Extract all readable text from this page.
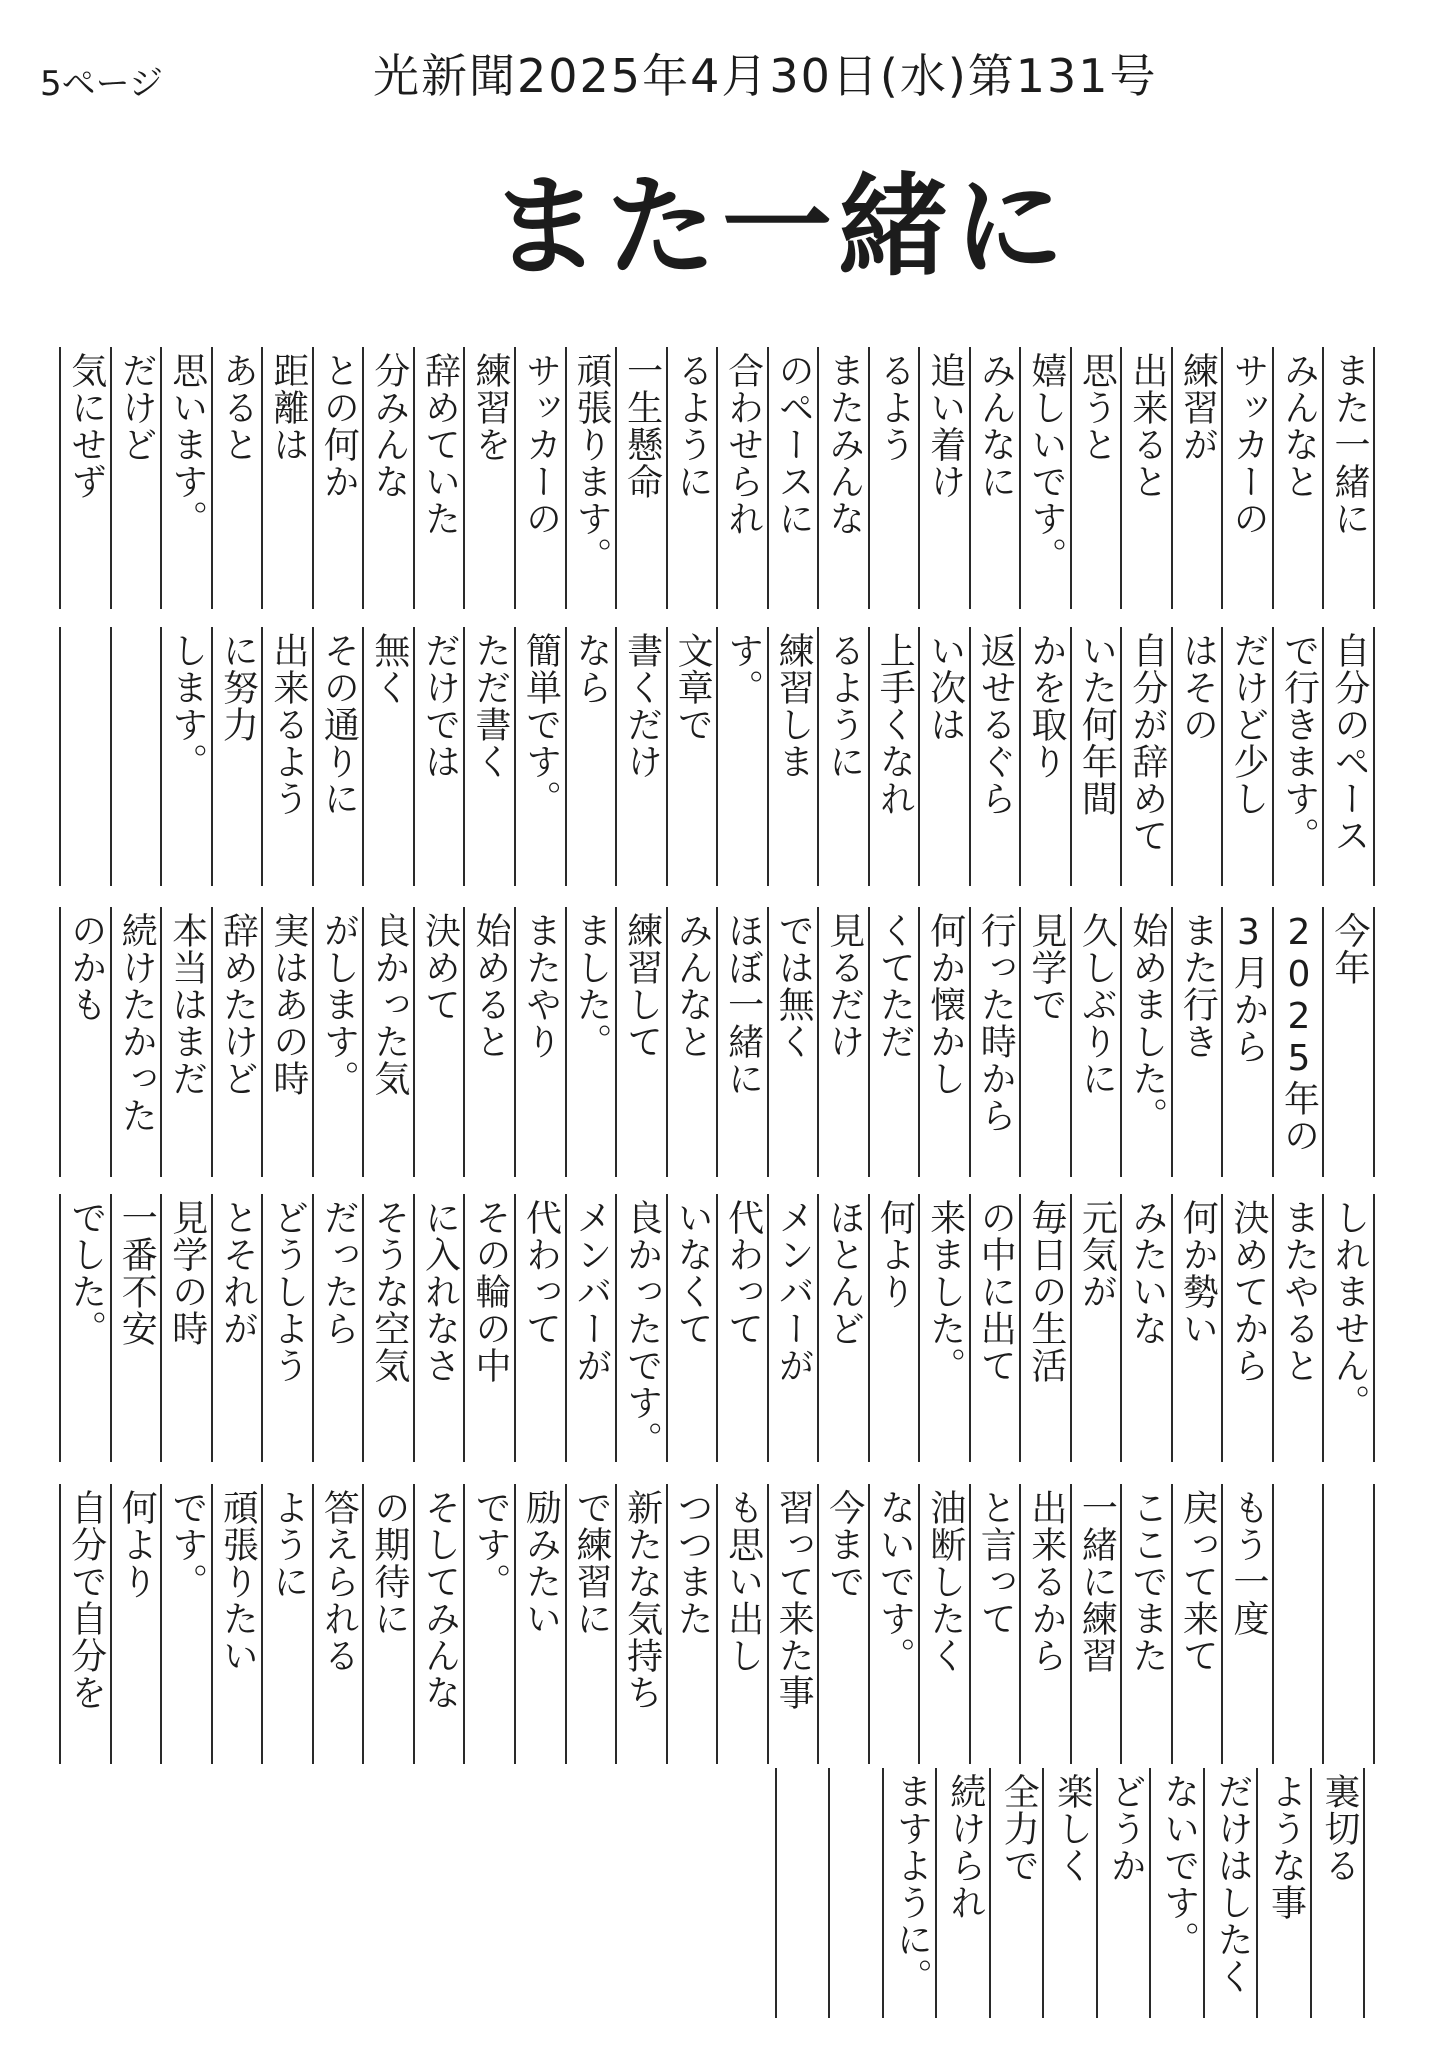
5ページ	光新聞2025年4月30日(水)第131号
また一緒に
また一緒に
みんなと
サッカーの
練習が
出来ると
思うと
嬉しいです。
みんなに
追い着け
るよう
またみんな
のペースに
合わせられ
るように
一生懸命
頑張ります。
サッカーの
練習を
辞めていた
分みんな
との何か
距離は
あると
思います。
だけど
気にせず
自分のペース
で行きます。
だけど少し
はその
自分が辞めて
いた何年間
かを取り
返せるぐら
い次は
上手くなれ
るように
練習しま
す。
文章で
書くだけ
なら
簡単です。
ただ書く
だけでは
無く
その通りに
出来るよう
に努力
します。
今年
2025年の
3月から
また行き
始めました。
久しぶりに
見学で
行った時から
何か懐かし
くてただ
見るだけ
では無く
ほぼ一緒に
みんなと
練習して
ました。
またやり
始めると
決めて
良かった気
がします。
実はあの時
辞めたけど
本当はまだ
続けたかった
のかも
しれません。
またやると
決めてから
何か勢い
みたいな
元気が
毎日の生活
の中に出て
来ました。
何より
ほとんど
メンバーが
代わって
いなくて
良かったです。
メンバーが
代わって
その輪の中
に入れなさ
そうな空気
だったら
どうしよう
とそれが
見学の時
一番不安
でした。
もう一度
戻って来て
ここでまた
一緒に練習
出来るから
と言って
油断したく
ないです。
今まで
習って来た事
も思い出し
つつまた
新たな気持ち
で練習に
励みたい
です。
そしてみんな
の期待に
答えられる
ように
頑張りたい
です。
何より
自分で自分を
裏切る
ような事
だけはしたく
ないです。
どうか
楽しく
全力で
続けられ
ますように。
